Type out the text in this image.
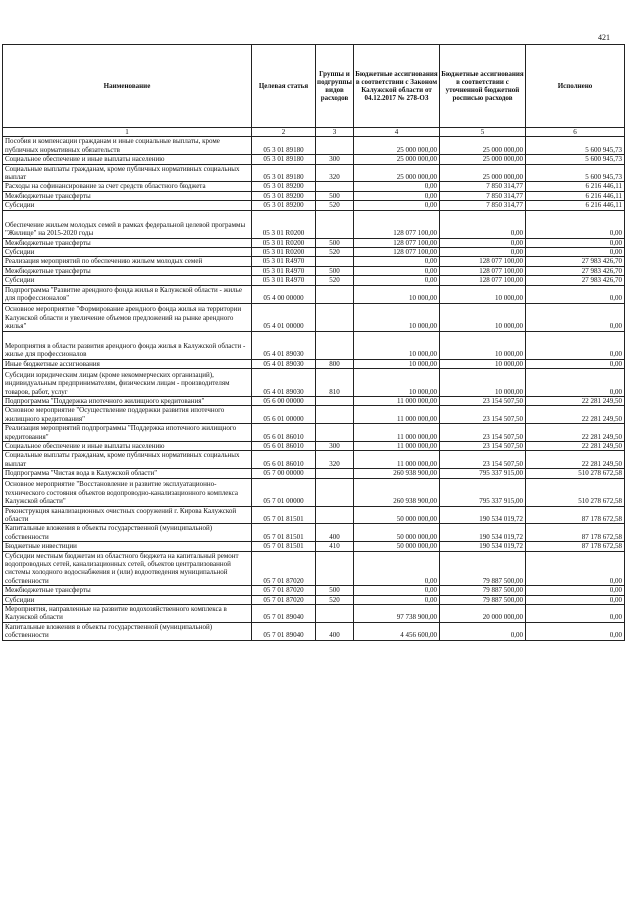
421
Наименование	Целевая статья	Группы и подгруппы видов расходов	Бюджетные ассигнования в соответствии с Законом Калужской области от 04.12.2017 № 278-ОЗ	Бюджетные ассигнования в соответствии с уточненной бюджетной росписью расходов	Исполнено
1	2	3	4	5	6
Пособия и компенсации гражданам и иные социальные выплаты, кроме публичных нормативных обязательств	05 3 01 89180		25 000 000,00	25 000 000,00	5 600 945,73
Социальное обеспечение и иные выплаты населению	05 3 01 89180	300	25 000 000,00	25 000 000,00	5 600 945,73
Социальные выплаты гражданам, кроме публичных нормативных социальных выплат	05 3 01 89180	320	25 000 000,00	25 000 000,00	5 600 945,73
Расходы на софинансирование за счет средств областного бюджета	05 3 01 89200		0,00	7 850 314,77	6 216 446,11
Межбюджетные трансферты	05 3 01 89200	500	0,00	7 850 314,77	6 216 446,11
Субсидии	05 3 01 89200	520	0,00	7 850 314,77	6 216 446,11
Обеспечение жильем молодых семей в рамках федеральной целевой программы "Жилище" на 2015-2020 годы	05 3 01 R0200		128 077 100,00	0,00	0,00
Межбюджетные трансферты	05 3 01 R0200	500	128 077 100,00	0,00	0,00
Субсидии	05 3 01 R0200	520	128 077 100,00	0,00	0,00
Реализация мероприятий по обеспечению жильем молодых семей	05 3 01 R4970		0,00	128 077 100,00	27 983 426,70
Межбюджетные трансферты	05 3 01 R4970	500	0,00	128 077 100,00	27 983 426,70
Субсидии	05 3 01 R4970	520	0,00	128 077 100,00	27 983 426,70
Подпрограмма "Развитие арендного фонда жилья в Калужской области - жилье для профессионалов"	05 4 00 00000		10 000,00	10 000,00	0,00
Основное мероприятие "Формирование арендного фонда жилья на территории Калужской области и увеличение объемов предложений на рынке арендного жилья"	05 4 01 00000		10 000,00	10 000,00	0,00
Мероприятия в области развития арендного фонда жилья в Калужской области - жилье для профессионалов	05 4 01 89030		10 000,00	10 000,00	0,00
Иные бюджетные ассигнования	05 4 01 89030	800	10 000,00	10 000,00	0,00
Субсидии юридическим лицам (кроме некоммерческих организаций), индивидуальным предпринимателям, физическим лицам - производителям товаров, работ, услуг	05 4 01 89030	810	10 000,00	10 000,00	0,00
Подпрограмма "Поддержка ипотечного жилищного кредитования"	05 6 00 00000		11 000 000,00	23 154 507,50	22 281 249,50
Основное мероприятие "Осуществление поддержки развития ипотечного жилищного кредитования"	05 6 01 00000		11 000 000,00	23 154 507,50	22 281 249,50
Реализация мероприятий подпрограммы "Поддержка ипотечного жилищного кредитования"	05 6 01 86010		11 000 000,00	23 154 507,50	22 281 249,50
Социальное обеспечение и иные выплаты населению	05 6 01 86010	300	11 000 000,00	23 154 507,50	22 281 249,50
Социальные выплаты гражданам, кроме публичных нормативных социальных выплат	05 6 01 86010	320	11 000 000,00	23 154 507,50	22 281 249,50
Подпрограмма "Чистая вода в Калужской области"	05 7 00 00000		260 938 900,00	795 337 915,00	510 278 672,58
Основное мероприятие "Восстановление и развитие эксплуатационно-технического состояния объектов водопроводно-канализационного комплекса Калужской области"	05 7 01 00000		260 938 900,00	795 337 915,00	510 278 672,58
Реконструкция канализационных очистных сооружений г. Кирова Калужской области	05 7 01 81501		50 000 000,00	190 534 019,72	87 178 672,58
Капитальные вложения в объекты государственной (муниципальной) собственности	05 7 01 81501	400	50 000 000,00	190 534 019,72	87 178 672,58
Бюджетные инвестиции	05 7 01 81501	410	50 000 000,00	190 534 019,72	87 178 672,58
Субсидии местным бюджетам из областного бюджета на капитальный ремонт водопроводных сетей, канализационных сетей, объектов централизованной системы холодного водоснабжения и (или) водоотведения муниципальной собственности	05 7 01 87020		0,00	79 887 500,00	0,00
Межбюджетные трансферты	05 7 01 87020	500	0,00	79 887 500,00	0,00
Субсидии	05 7 01 87020	520	0,00	79 887 500,00	0,00
Мероприятия, направленные на развитие водохозяйственного комплекса в Калужской области	05 7 01 89040		97 738 900,00	20 000 000,00	0,00
Капитальные вложения в объекты государственной (муниципальной) собственности	05 7 01 89040	400	4 456 600,00	0,00	0,00
